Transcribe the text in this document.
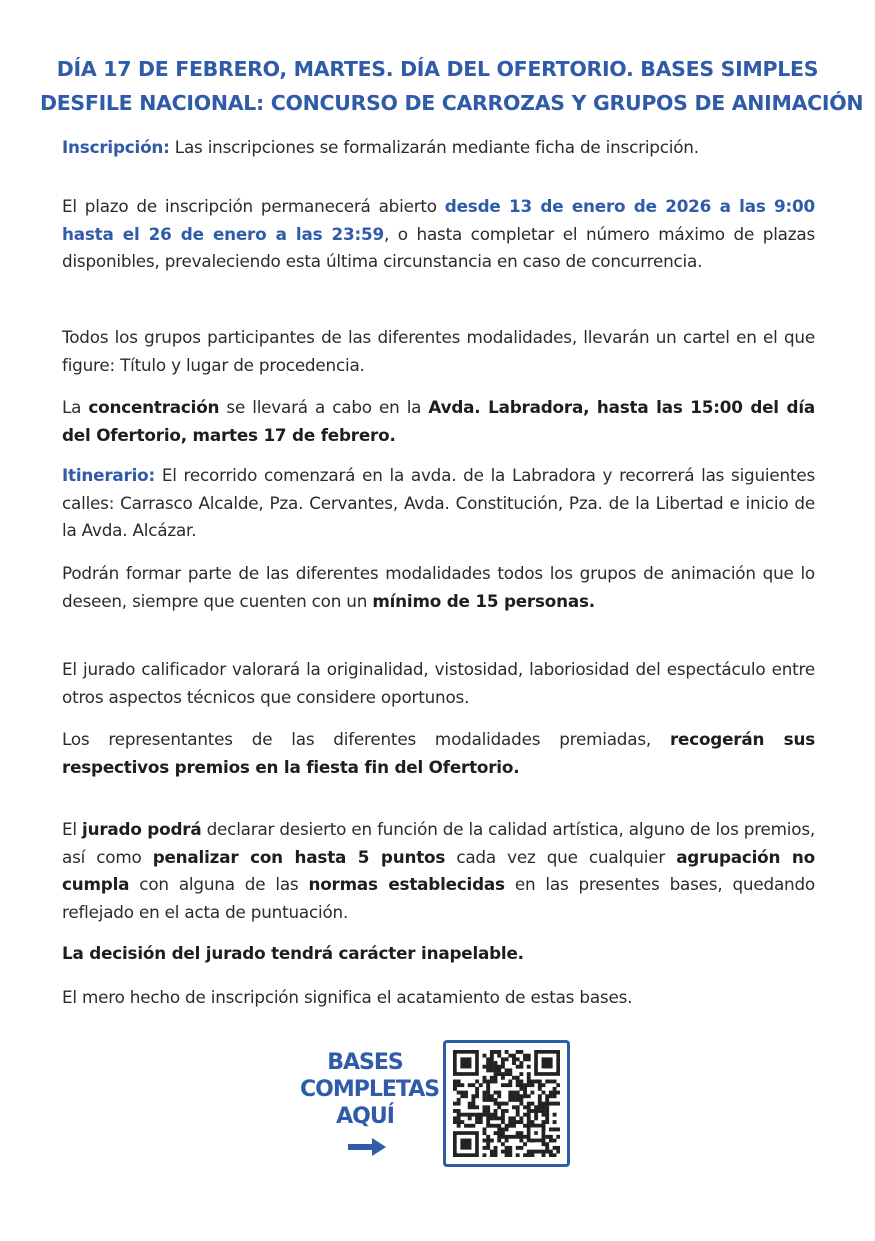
DÍA 17 DE FEBRERO, MARTES. DÍA DEL OFERTORIO. BASES SIMPLES
DESFILE NACIONAL: CONCURSO DE CARROZAS Y GRUPOS DE ANIMACIÓN

Inscripción: Las inscripciones se formalizarán mediante ficha de inscripción.

El plazo de inscripción permanecerá abierto desde 13 de enero de 2026 a las 9:00 hasta el 26 de enero a las 23:59, o hasta completar el número máximo de plazas disponibles, prevaleciendo esta última circunstancia en caso de concurrencia.

Todos los grupos participantes de las diferentes modalidades, llevarán un cartel en el que figure: Título y lugar de procedencia.

La concentración se llevará a cabo en la Avda. Labradora, hasta las 15:00 del día del Ofertorio, martes 17 de febrero.

Itinerario: El recorrido comenzará en la avda. de la Labradora y recorrerá las siguientes calles: Carrasco Alcalde, Pza. Cervantes, Avda. Constitución, Pza. de la Libertad e inicio de la Avda. Alcázar.

Podrán formar parte de las diferentes modalidades todos los grupos de animación que lo deseen, siempre que cuenten con un mínimo de 15 personas.

El jurado calificador valorará la originalidad, vistosidad, laboriosidad del espectáculo entre otros aspectos técnicos que considere oportunos.

Los representantes de las diferentes modalidades premiadas, recogerán sus respectivos premios en la fiesta fin del Ofertorio.

El jurado podrá declarar desierto en función de la calidad artística, alguno de los premios, así como penalizar con hasta 5 puntos cada vez que cualquier agrupación no cumpla con alguna de las normas establecidas en las presentes bases, quedando reflejado en el acta de puntuación.

La decisión del jurado tendrá carácter inapelable.

El mero hecho de inscripción significa el acatamiento de estas bases.

BASES
COMPLETAS
AQUÍ
